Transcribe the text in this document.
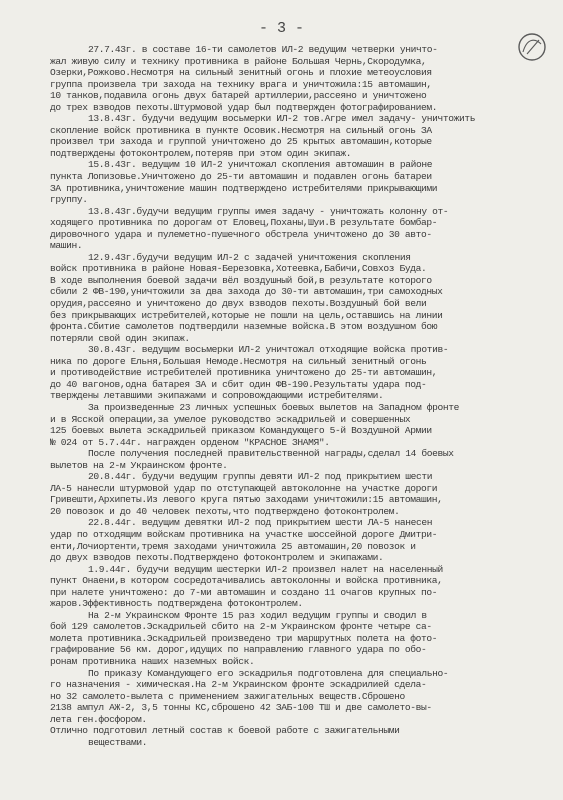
- 3 -
27.7.43г. в составе 16-ти самолетов ИЛ-2 ведущим четверки уничто-
жал живую силу и технику противника в районе Большая Чернь,Скородумка,
Озерки,Рожково.Несмотря на сильный зенитный огонь и плохие метеоусловия
группа произвела три захода на технику врага и уничтожила:15 автомашин,
10 танков,подавила огонь двух батарей артиллерии,рассеяно и уничтожено
до трех взводов пехоты.Штурмовой удар был подтвержден фотографированием.
13.8.43г. будучи ведущим восьмерки ИЛ-2 тов.Агре имел задачу- уничтожить
скопление войск противника в пункте Осовик.Несмотря на сильный огонь ЗА
произвел три захода и группой уничтожено до 25 крытых автомашин,которые
подтверждены фотоконтролем,потеряв при этом один экипаж.
15.8.43г. ведущим 10 ИЛ-2 уничтожал скопления автомашин в районе
пункта Лопизовье.Уничтожено до 25-ти автомашин и подавлен огонь батареи
ЗА противника,уничтожение машин подтверждено истребителями прикрывающими
группу.
13.8.43г.будучи ведущим группы имея задачу - уничтожать колонну от-
ходящего противника по дорогам от Еловец,Поханы,Шуи.В результате бомбар-
дировочного удара и пулеметно-пушечного обстрела уничтожено до 30 авто-
машин.
12.9.43г.будучи ведущим ИЛ-2 с задачей уничтожения скопления
войск противника в районе Новая-Березовка,Хотеевка,Бабичи,Совхоз Буда.
В ходе выполнения боевой задачи вёл воздушный бой,в результате которого
сбили 2 ФВ-190,уничтожили за два захода до 30-ти автомашин,три самоходных
орудия,рассеяно и уничтожено до двух взводов пехоты.Воздушный бой вели
без прикрывающих истребителей,которые не пошли на цель,оставшись на линии
фронта.Сбитие самолетов подтвердили наземные войска.В этом воздушном бою
потеряли свой один экипаж.
30.8.43г. ведущим восьмерки ИЛ-2 уничтожал отходящие войска против-
ника по дороге Ельня,Большая Немоде.Несмотря на сильный зенитный огонь
и противодействие истребителей противника уничтожено до 25-ти автомашин,
до 40 вагонов,одна батарея ЗА и сбит один ФВ-190.Результаты удара под-
тверждены летавшими экипажами и сопровождающими истребителями.
За произведенные 23 личных успешных боевых вылетов на Западном фронте
и в Ясской операции,за умелое руководство эскадрильей и совершенных
125 боевых вылета эскадрильей приказом Командующего 5-й Воздушной Армии
№ 024 от 5.7.44г. награжден орденом "КРАСНОЕ ЗНАМЯ".
После получения последней правительственной награды,сделал 14 боевых
вылетов на 2-м Украинском фронте.
20.8.44г. будучи ведущим группы девяти ИЛ-2 под прикрытием шести
ЛА-5 нанесли штурмовой удар по отступающей автоколонне на участке дороги
Гривешти,Архипеты.Из левого круга пятью заходами уничтожили:15 автомашин,
20 повозок и до 40 человек пехоты,что подтверждено фотоконтролем.
22.8.44г. ведущим девятки ИЛ-2 под прикрытием шести ЛА-5 нанесен
удар по отходящим войскам противника на участке шоссейной дороге Дмитри-
енти,Лочиортенти,тремя заходами уничтожила 25 автомашин,20 повозок и
до двух взводов пехоты.Подтверждено фотоконтролем и экипажами.
1.9.44г. будучи ведущим шестерки ИЛ-2 произвел налет на населенный
пункт Онаени,в котором сосредотачивались автоколонны и войска противника,
при налете уничтожено: до 7-ми автомашин и создано 11 очагов крупных по-
жаров.Эффективность подтверждена фотоконтролем.
На 2-м Украинском Фронте 15 раз ходил ведущим группы и сводил в
бой 129 самолетов.Эскадрильей сбито на 2-м Украинском фронте четыре са-
молета противника.Эскадрильей произведено три маршрутных полета на фото-
графирование 56 км. дорог,идущих по направлению главного удара по обо-
ронам противника наших наземных войск.
По приказу Командующего его эскадрилья подготовлена для специально-
го назначения - химическая.На 2-м Украинском фронте эскадрилией сдела-
но 32 самолето-вылета с применением зажигательных веществ.Сброшено
2138 ампул АЖ-2, 3,5 тонны КС,сброшено 42 ЗАБ-100 ТШ и две самолето-вы-
лета ген.фосфором.
Отлично подготовил летный состав к боевой работе с зажигательными
веществами.
